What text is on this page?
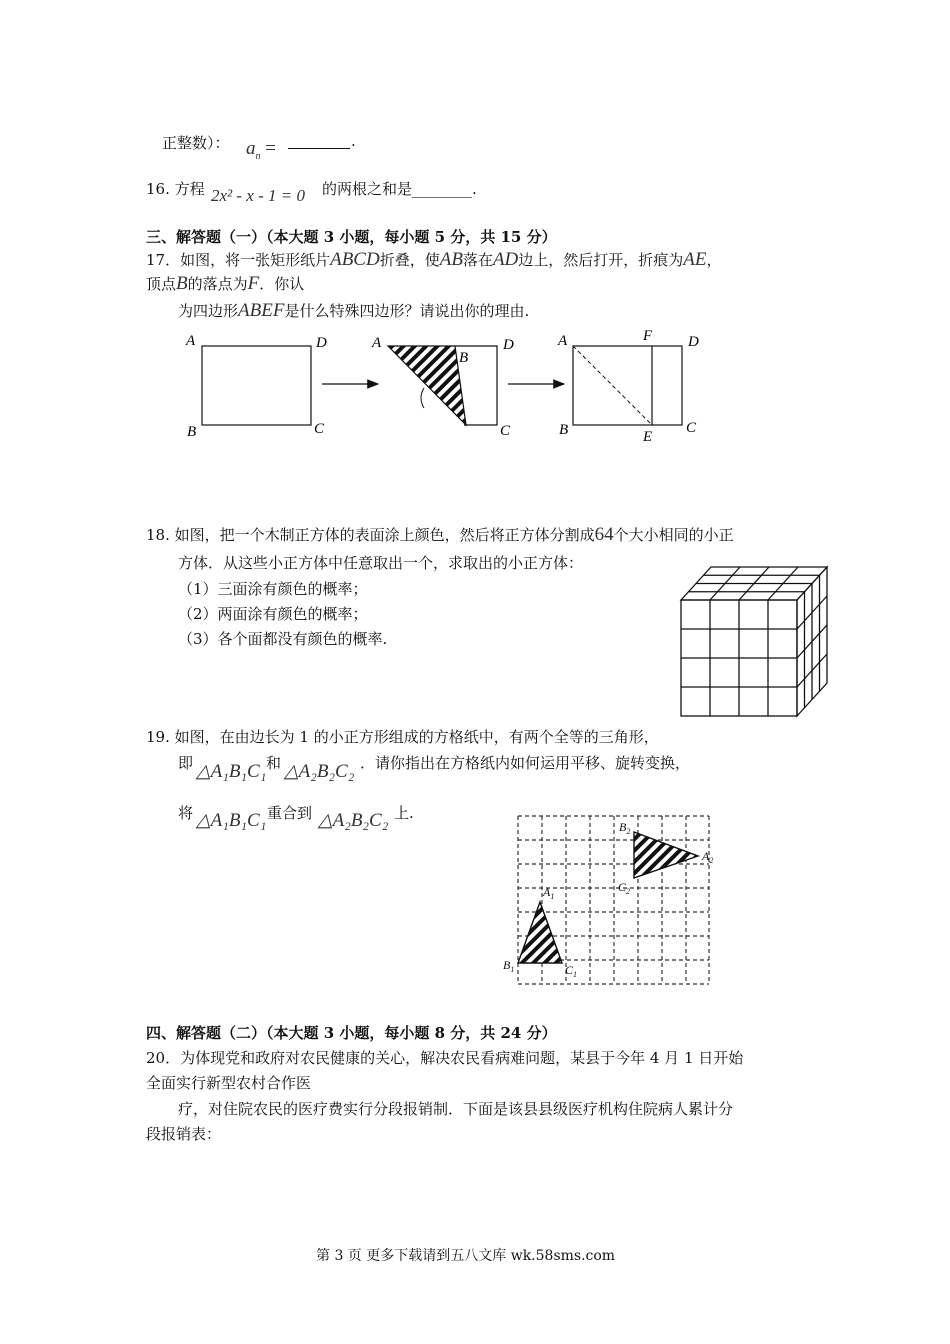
正整数）： $a_n$ =	.
16. 方程 2x² - x - 1 = 0 的两根之和是________.
三、解答题（一）（本大题 3 小题，每小题 5 分，共 15 分）
17．如图，将一张矩形纸片ABCD折叠，使AB落在AD边上，然后打开，折痕为AE，
顶点B的落点为F．你认
为四边形ABEF是什么特殊四边形？请说出你的理由.
A	D
B	C
A
B
D
C
A	F D
B	E
C
18. 如图，把一个木制正方体的表面涂上颜色，然后将正方体分割成64个大小相同的小正
方体．从这些小正方体中任意取出一个，求取出的小正方体：
（1）三面涂有颜色的概率；
（2）两面涂有颜色的概率；
（3）各个面都没有颜色的概率.
19. 如图，在由边长为 1 的小正方形组成的方格纸中，有两个全等的三角形，
即 △A₁B₁C₁ 和 △A₂B₂C₂ ．请你指出在方格纸内如何运用平移、旋转变换，
将 △A₁B₁C₁ 重合到 △A₂B₂C₂ 上.
$B_2$
$A_2$
$C_2$
$A_1$
$B_1$	$C_1$
四、解答题（二）（本大题 3 小题，每小题 8 分，共 24 分）
20．为体现党和政府对农民健康的关心，解决农民看病难问题，某县于今年 4 月 1 日开始
全面实行新型农村合作医
疗，对住院农民的医疗费实行分段报销制．下面是该县县级医疗机构住院病人累计分
段报销表：
第 3 页 更多下载请到五八文库 wk.58sms.com
